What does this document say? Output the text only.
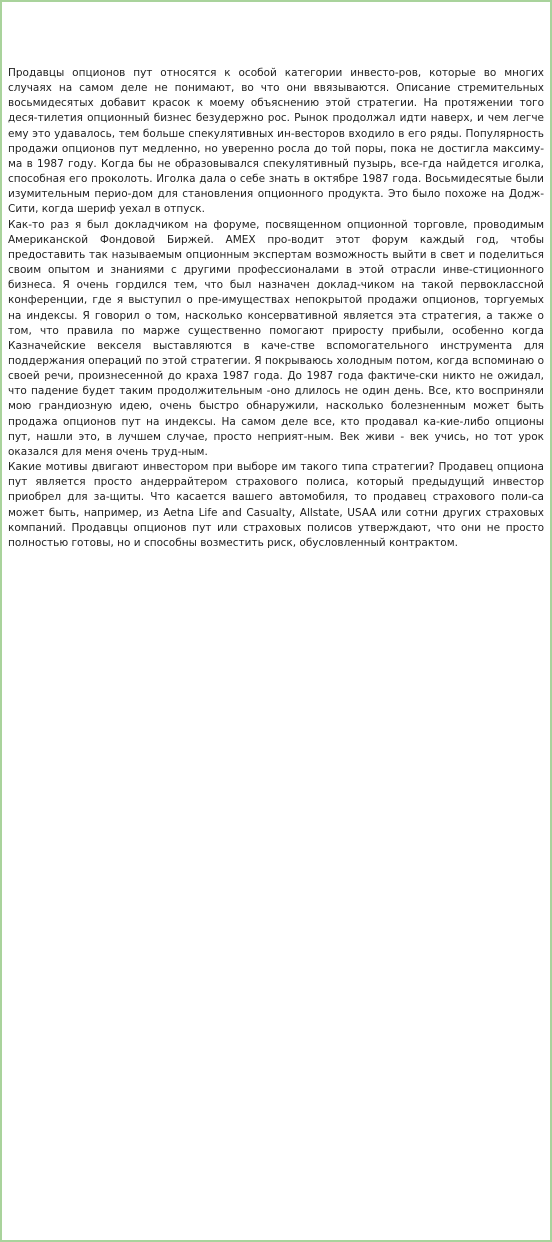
Продавцы опционов пут относятся к особой категории инвесто-ров, которые во многих случаях на самом деле не понимают, во что они ввязываются. Описание стремительных восьмидесятых добавит красок к моему объяснению этой стратегии. На протяжении того деся-тилетия опционный бизнес безудержно рос. Рынок продолжал идти наверх, и чем легче ему это удавалось, тем больше спекулятивных ин-весторов входило в его ряды. Популярность продажи опционов пут медленно, но уверенно росла до той поры, пока не достигла максиму-ма в 1987 году. Когда бы не образовывался спекулятивный пузырь, все-гда найдется иголка, способная его проколоть. Иголка дала о себе знать в октябре 1987 года. Восьмидесятые были изумительным перио-дом для становления опционного продукта. Это было похоже на Додж-Сити, когда шериф уехал в отпуск.

Как-то раз я был докладчиком на форуме, посвященном опционной торговле, проводимым Американской Фондовой Биржей. AMEX про-водит этот форум каждый год, чтобы предоставить так называемым опционным экспертам возможность выйти в свет и поделиться своим опытом и знаниями с другими профессионалами в этой отрасли инве-стиционного бизнеса. Я очень гордился тем, что был назначен доклад-чиком на такой первоклассной конференции, где я выступил о пре-имуществах непокрытой продажи опционов, торгуемых на индексы. Я говорил о том, насколько консервативной является эта стратегия, а также о том, что правила по марже существенно помогают приросту прибыли, особенно когда Казначейские векселя выставляются в каче-стве вспомогательного инструмента для поддержания операций по этой стратегии. Я покрываюсь холодным потом, когда вспоминаю о своей речи, произнесенной до краха 1987 года. До 1987 года фактиче-ски никто не ожидал, что падение будет таким продолжительным -оно длилось не один день. Все, кто восприняли мою грандиозную идею, очень быстро обнаружили, насколько болезненным может быть продажа опционов пут на индексы. На самом деле все, кто продавал ка-кие-либо опционы пут, нашли это, в лучшем случае, просто неприят-ным. Век живи - век учись, но тот урок оказался для меня очень труд-ным.

Какие мотивы двигают инвестором при выборе им такого типа стратегии? Продавец опциона пут является просто андеррайтером страхового полиса, который предыдущий инвестор приобрел для за-щиты. Что касается вашего автомобиля, то продавец страхового поли-са может быть, например, из Aetna Life and Casualty, Allstate, USAA или сотни других страховых компаний. Продавцы опционов пут или страховых полисов утверждают, что они не просто полностью готовы, но и способны возместить риск, обусловленный контрактом.
